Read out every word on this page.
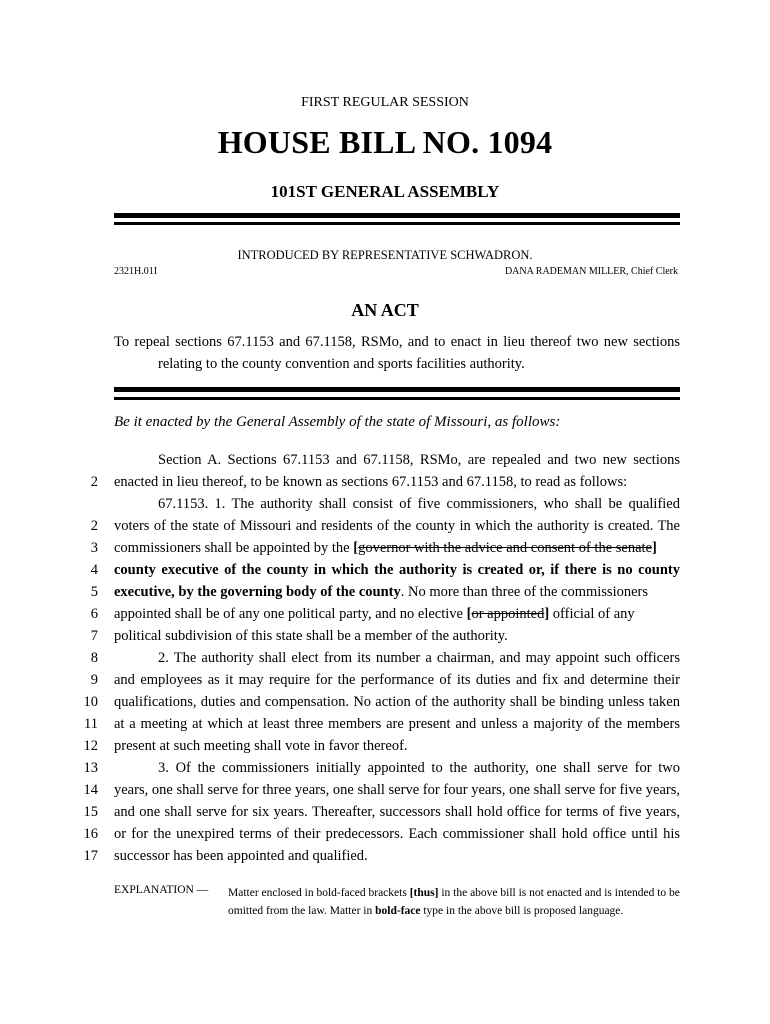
FIRST REGULAR SESSION
HOUSE BILL NO. 1094
101ST GENERAL ASSEMBLY
INTRODUCED BY REPRESENTATIVE SCHWADRON.
2321H.01I	DANA RADEMAN MILLER, Chief Clerk
AN ACT
To repeal sections 67.1153 and 67.1158, RSMo, and to enact in lieu thereof two new sections
relating to the county convention and sports facilities authority.
Be it enacted by the General Assembly of the state of Missouri, as follows:
Section A. Sections 67.1153 and 67.1158, RSMo, are repealed and two new sections
2 enacted in lieu thereof, to be known as sections 67.1153 and 67.1158, to read as follows:
67.1153. 1. The authority shall consist of five commissioners, who shall be qualified
2 voters of the state of Missouri and residents of the county in which the authority is created. The
3 commissioners shall be appointed by the [governor with the advice and consent of the senate]
4 county executive of the county in which the authority is created or, if there is no county
5 executive, by the governing body of the county. No more than three of the commissioners
6 appointed shall be of any one political party, and no elective [or appointed] official of any
7 political subdivision of this state shall be a member of the authority.
8	2. The authority shall elect from its number a chairman, and may appoint such officers
9 and employees as it may require for the performance of its duties and fix and determine their
10 qualifications, duties and compensation. No action of the authority shall be binding unless taken
11 at a meeting at which at least three members are present and unless a majority of the members
12 present at such meeting shall vote in favor thereof.
13	3. Of the commissioners initially appointed to the authority, one shall serve for two
14 years, one shall serve for three years, one shall serve for four years, one shall serve for five years,
15 and one shall serve for six years. Thereafter, successors shall hold office for terms of five years,
16 or for the unexpired terms of their predecessors. Each commissioner shall hold office until his
17 successor has been appointed and qualified.
EXPLANATION — Matter enclosed in bold-faced brackets [thus] in the above bill is not enacted and is intended to be omitted from the law. Matter in bold-face type in the above bill is proposed language.
